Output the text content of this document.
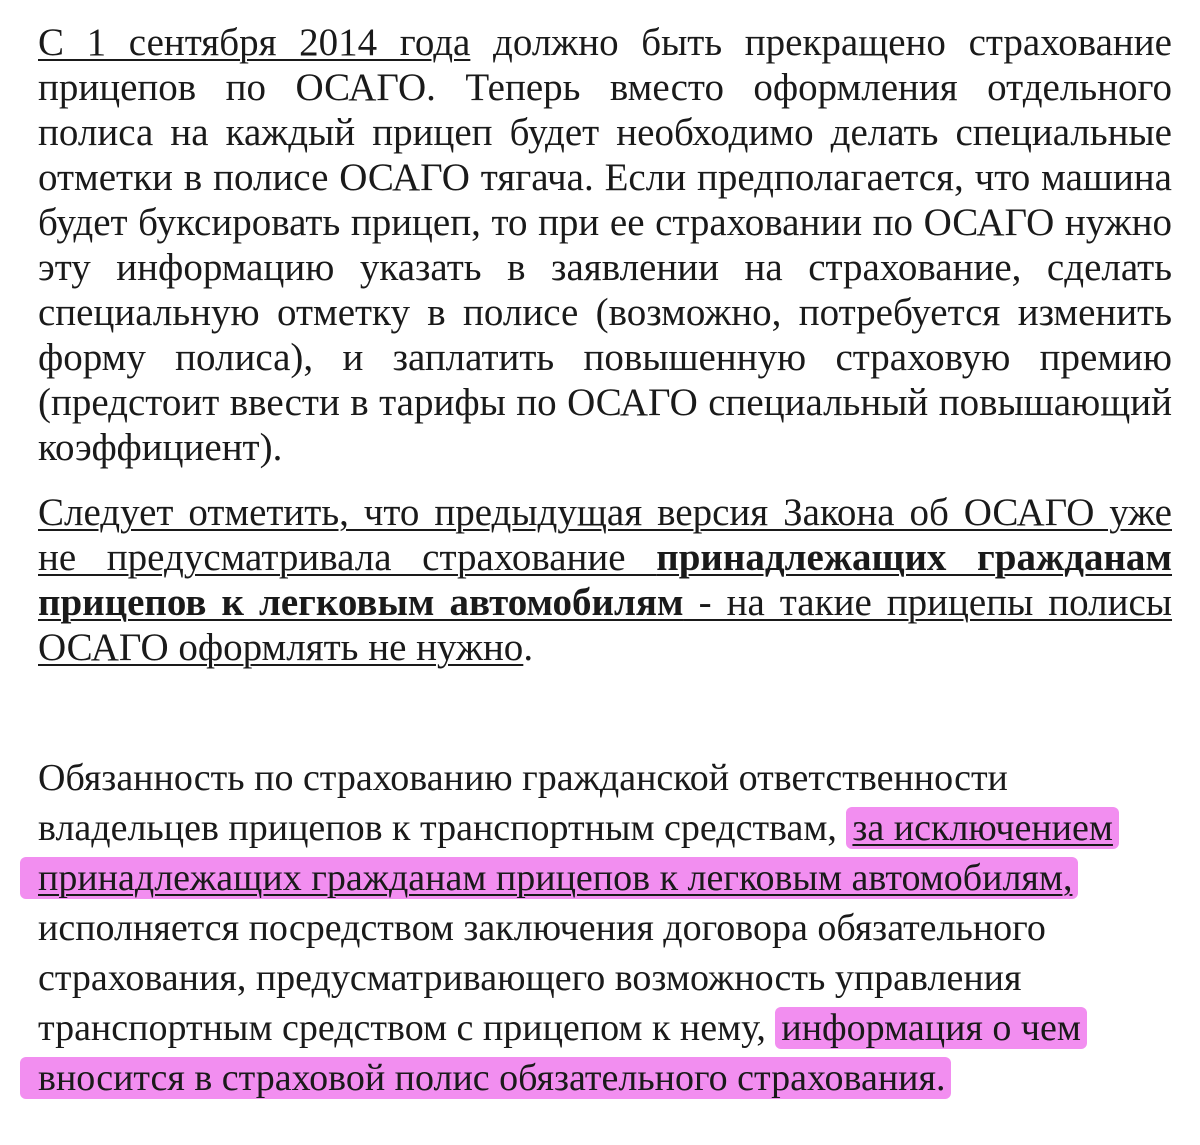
С 1 сентября 2014 года должно быть прекращено страхование
прицепов по ОСАГО. Теперь вместо оформления отдельного
полиса на каждый прицеп будет необходимо делать специальные
отметки в полисе ОСАГО тягача. Если предполагается, что машина
будет буксировать прицеп, то при ее страховании по ОСАГО нужно
эту информацию указать в заявлении на страхование, сделать
специальную отметку в полисе (возможно, потребуется изменить
форму полиса), и заплатить повышенную страховую премию
(предстоит ввести в тарифы по ОСАГО специальный повышающий
коэффициент).
Следует отметить, что предыдущая версия Закона об ОСАГО уже
не предусматривала страхование принадлежащих гражданам
прицепов к легковым автомобилям - на такие прицепы полисы
ОСАГО оформлять не нужно.
Обязанность по страхованию гражданской ответственности
владельцев прицепов к транспортным средствам, за исключением
принадлежащих гражданам прицепов к легковым автомобилям,
исполняется посредством заключения договора обязательного
страхования, предусматривающего возможность управления
транспортным средством с прицепом к нему, информация о чем
вносится в страховой полис обязательного страхования.
